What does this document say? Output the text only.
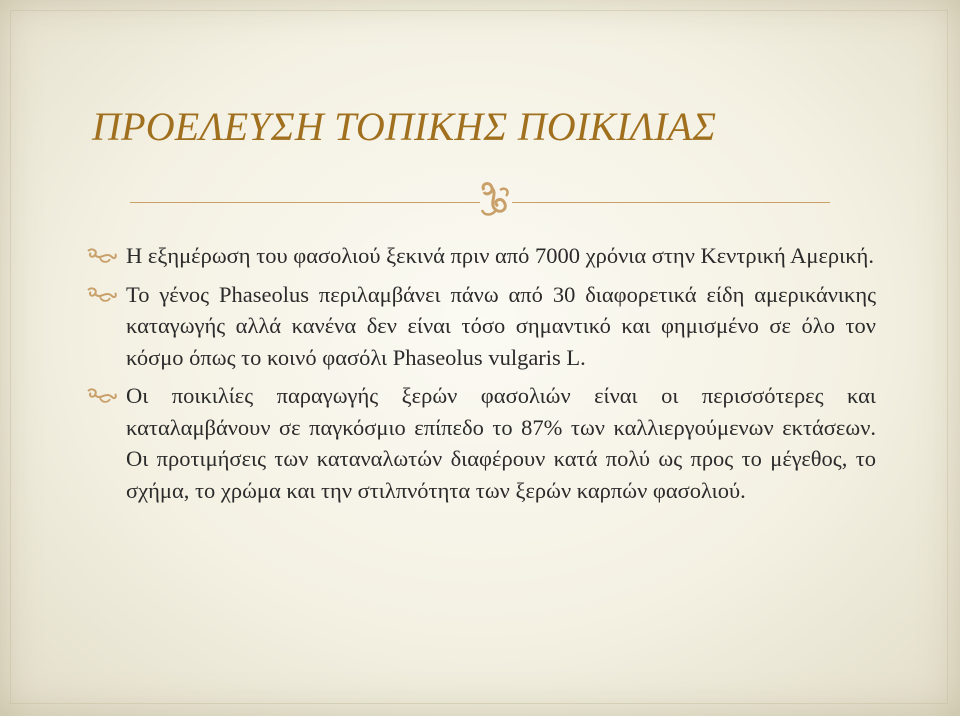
ΠΡΟΕΛΕΥΣΗ ΤΟΠΙΚΗΣ ΠΟΙΚΙΛΙΑΣ
Η εξημέρωση του φασολιού ξεκινά πριν από 7000 χρόνια στην Κεντρική Αμερική.
Το γένος Phaseolus περιλαμβάνει πάνω από 30 διαφορετικά είδη αμερικάνικης καταγωγής αλλά κανένα δεν είναι τόσο σημαντικό και φημισμένο σε όλο τον κόσμο όπως το κοινό φασόλι Phaseolus vulgaris L.
Οι ποικιλίες παραγωγής ξερών φασολιών είναι οι περισσότερες και καταλαμβάνουν σε παγκόσμιο επίπεδο το 87% των καλλιεργούμενων εκτάσεων. Οι προτιμήσεις των καταναλωτών διαφέρουν κατά πολύ ως προς το μέγεθος, το σχήμα, το χρώμα και την στιλπνότητα των ξερών καρπών φασολιού.
